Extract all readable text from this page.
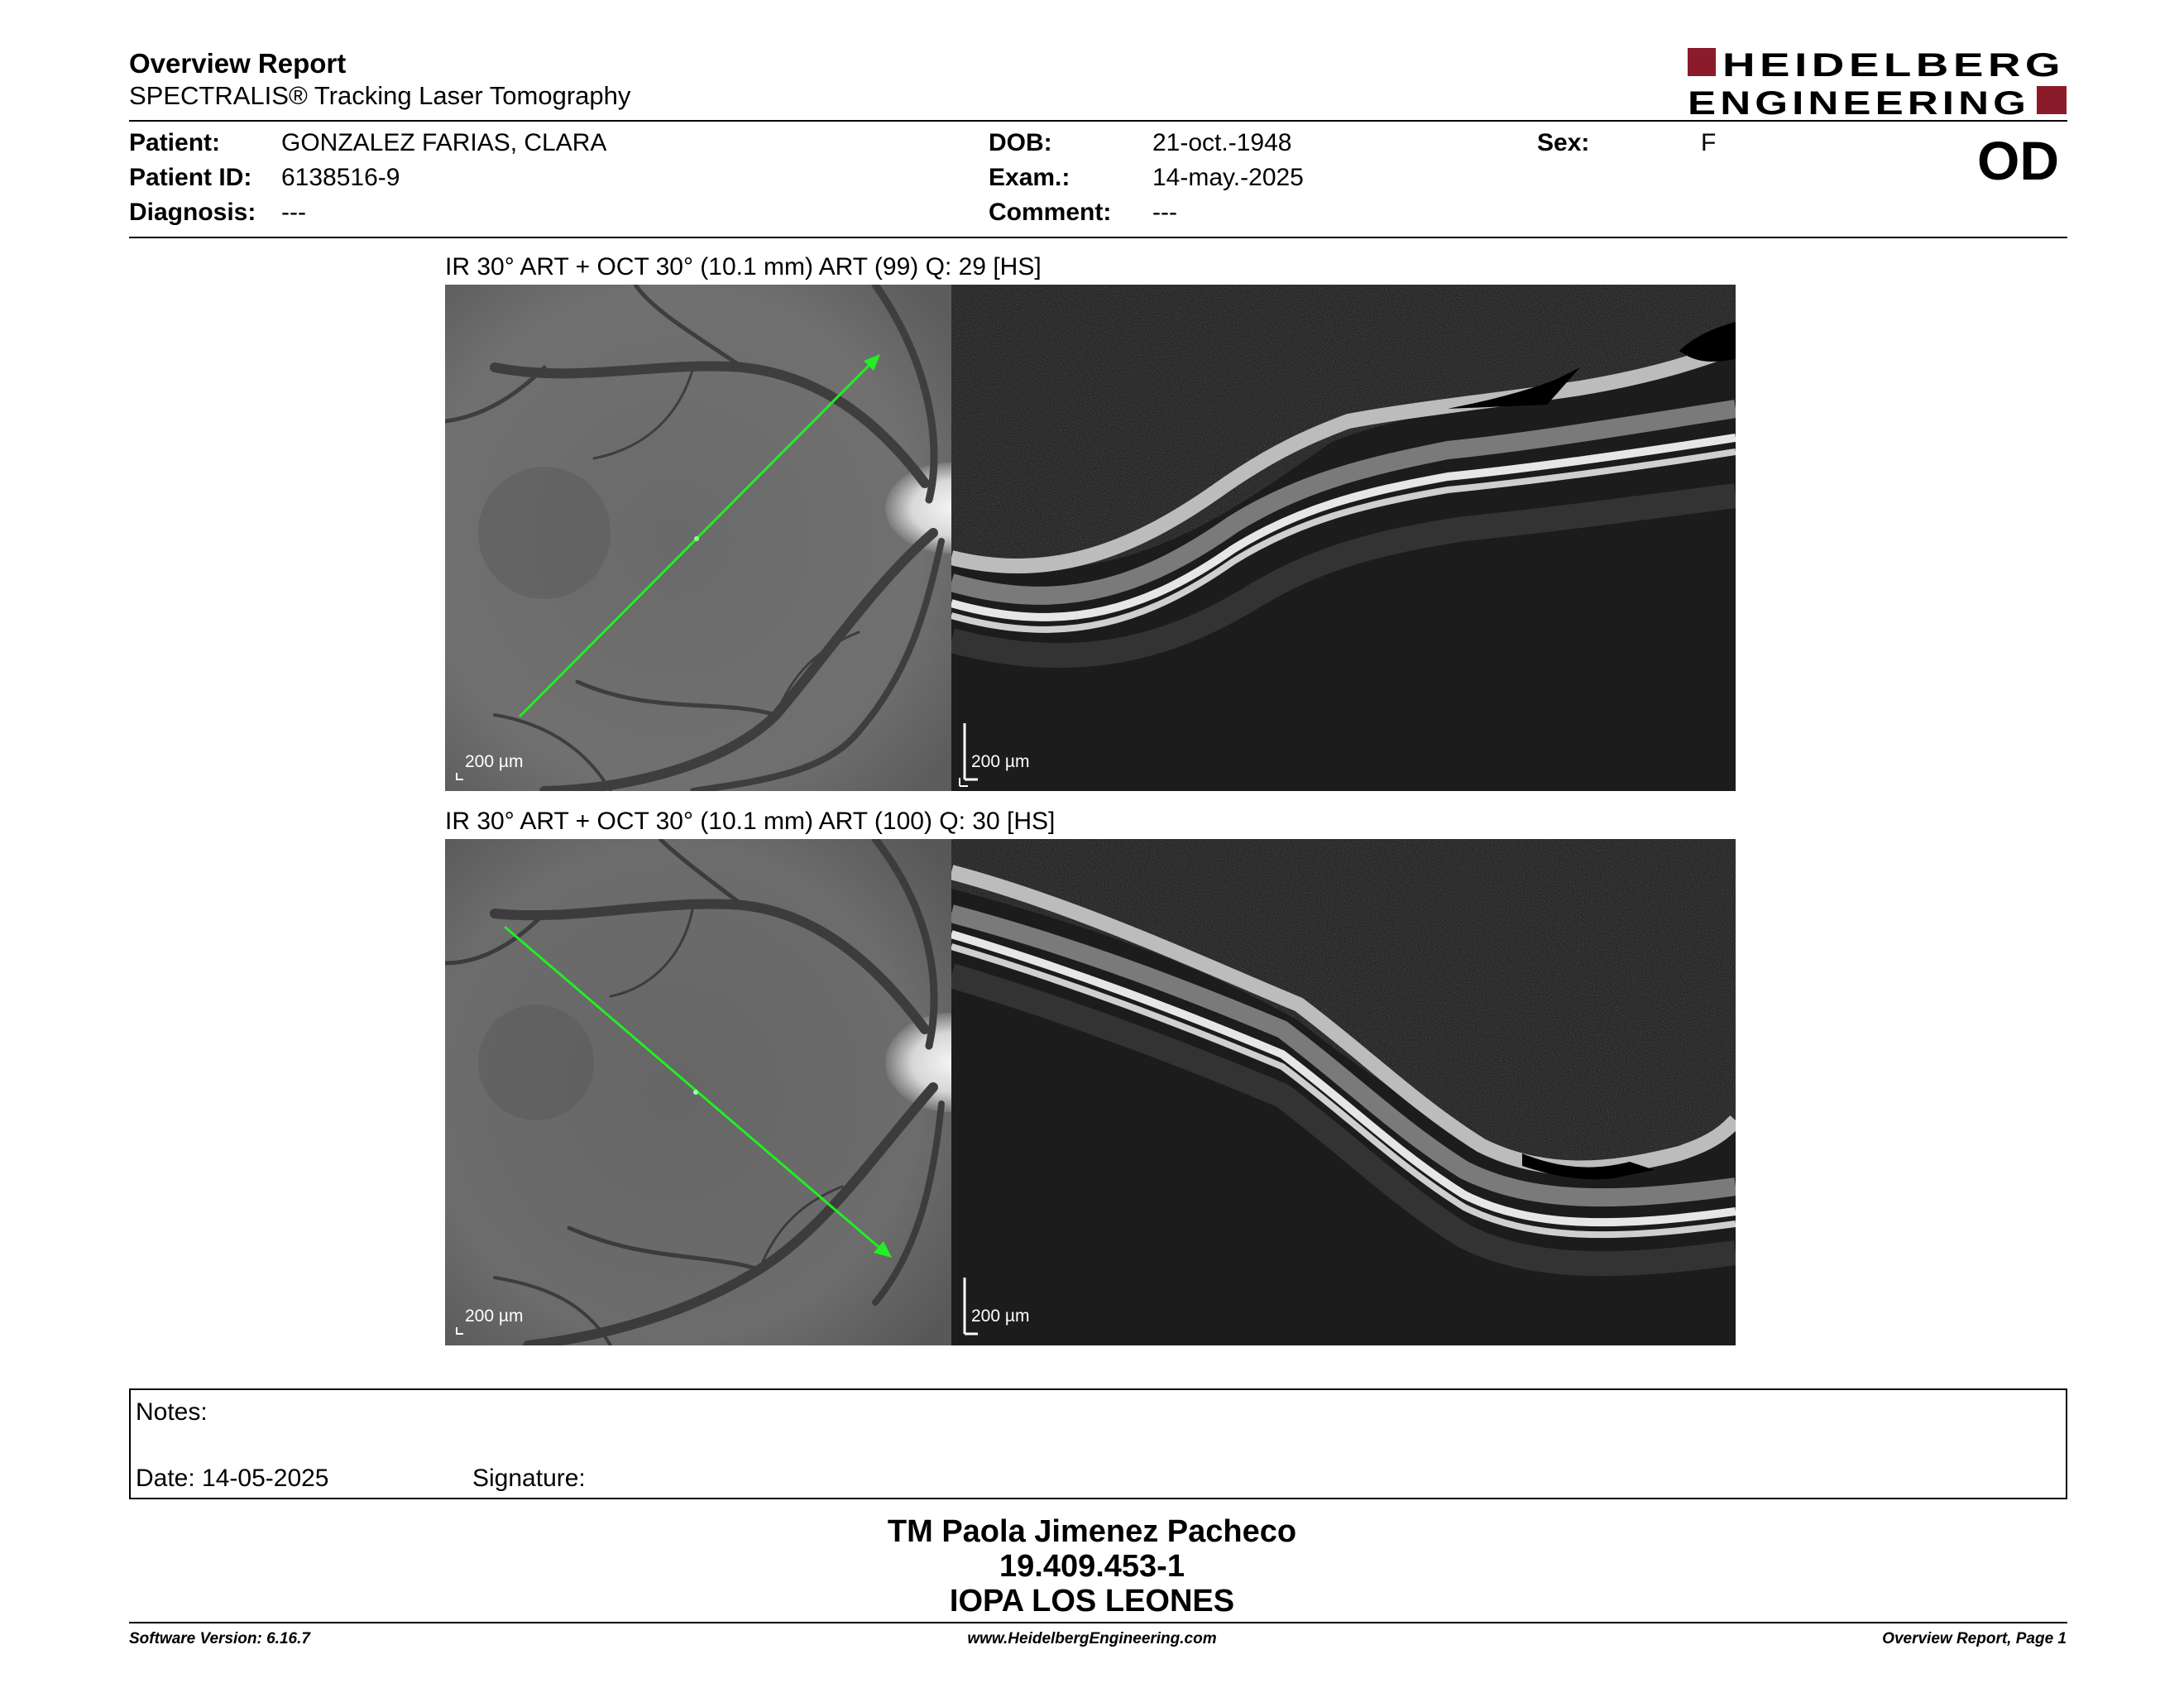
Overview Report
SPECTRALIS® Tracking Laser Tomography
HEIDELBERG
ENGINEERING
Patient: GONZALEZ FARIAS, CLARA
Patient ID: 6138516-9
Diagnosis: ---
DOB:	21-oct.-1948
Exam.:	14-may.-2025
Comment: ---
Sex:	F	OD
IR 30° ART + OCT 30° (10.1 mm) ART (99) Q: 29 [HS]
200 µm	200 µm
IR 30° ART + OCT 30° (10.1 mm) ART (100) Q: 30 [HS]
200 µm	200 µm
Notes:
Date: 14-05-2025	Signature:
TM Paola Jimenez Pacheco
19.409.453-1
IOPA LOS LEONES
Software Version: 6.16.7	www.HeidelbergEngineering.com	Overview Report, Page 1
